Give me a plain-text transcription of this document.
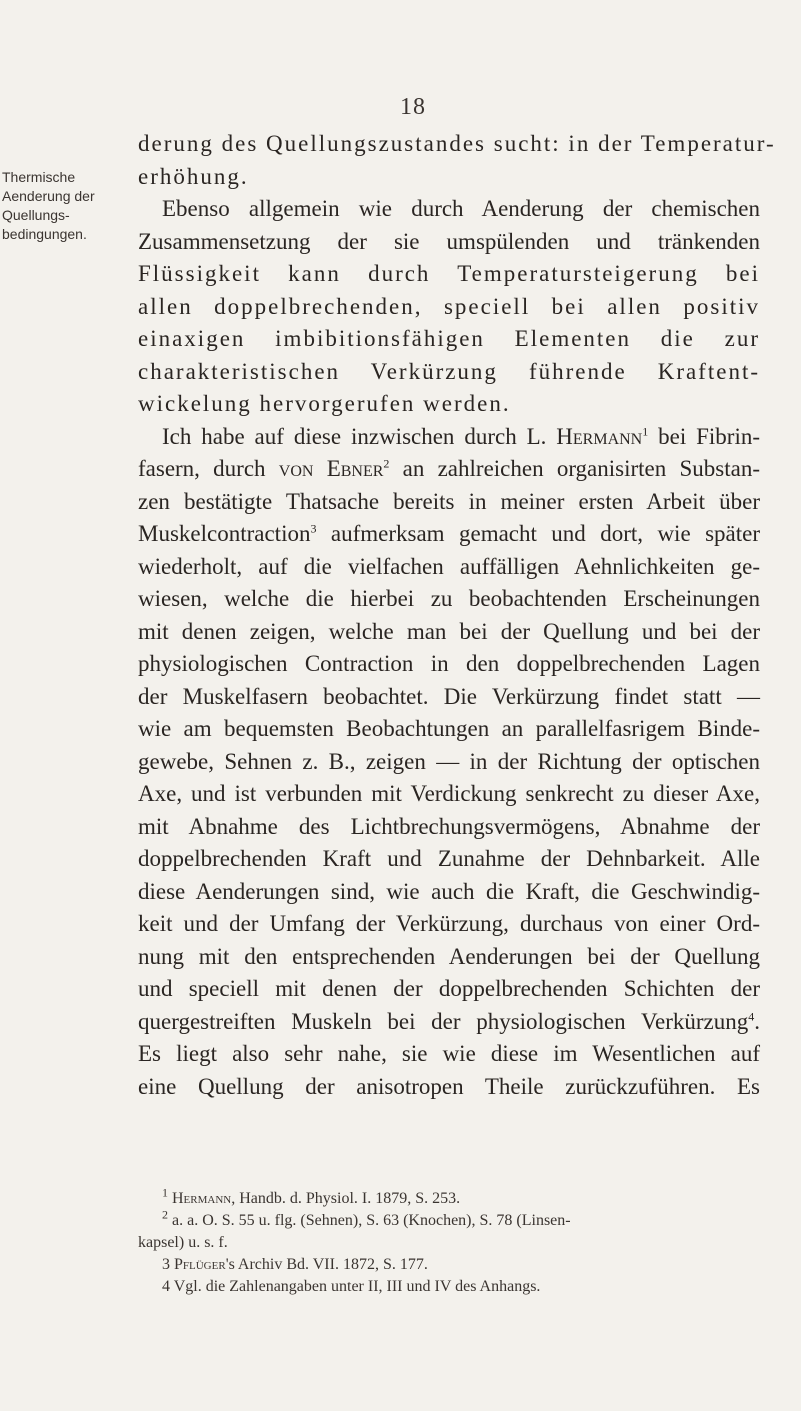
18
Thermische
Aenderung der
Quellungs-
bedingungen.
derung des Quellungszustandes sucht: in der Temperatur-
erhöhung.
Ebenso allgemein wie durch Aenderung der chemischen
Zusammensetzung der sie umspülenden und tränkenden
Flüssigkeit kann durch Temperatursteigerung bei
allen doppelbrechenden, speciell bei allen positiv
einaxigen imbibitionsfähigen Elementen die zur
charakteristischen Verkürzung führende Kraftent-
wickelung hervorgerufen werden.
Ich habe auf diese inzwischen durch L. Hermann$^1$ bei Fibrin-
fasern, durch von Ebner$^2$ an zahlreichen organisirten Substan-
zen bestätigte Thatsache bereits in meiner ersten Arbeit über
Muskelcontraction$^3$ aufmerksam gemacht und dort, wie später
wiederholt, auf die vielfachen auffälligen Aehnlichkeiten ge-
wiesen, welche die hierbei zu beobachtenden Erscheinungen
mit denen zeigen, welche man bei der Quellung und bei der
physiologischen Contraction in den doppelbrechenden Lagen
der Muskelfasern beobachtet. Die Verkürzung findet statt —
wie am bequemsten Beobachtungen an parallelfasrigem Binde-
gewebe, Sehnen z. B., zeigen — in der Richtung der optischen
Axe, und ist verbunden mit Verdickung senkrecht zu dieser Axe,
mit Abnahme des Lichtbrechungsvermögens, Abnahme der
doppelbrechenden Kraft und Zunahme der Dehnbarkeit. Alle
diese Aenderungen sind, wie auch die Kraft, die Geschwindig-
keit und der Umfang der Verkürzung, durchaus von einer Ord-
nung mit den entsprechenden Aenderungen bei der Quellung
und speciell mit denen der doppelbrechenden Schichten der
quergestreiften Muskeln bei der physiologischen Verkürzung$^4$.
Es liegt also sehr nahe, sie wie diese im Wesentlichen auf
eine Quellung der anisotropen Theile zurückzuführen. Es
$^1$ Hermann, Handb. d. Physiol. I. 1879, S. 253.
$^2$ a. a. O. S. 55 u. flg. (Sehnen), S. 63 (Knochen), S. 78 (Linsen-
kapsel) u. s. f.
3 Pflüger's Archiv Bd. VII. 1872, S. 177.
4 Vgl. die Zahlenangaben unter II, III und IV des Anhangs.
